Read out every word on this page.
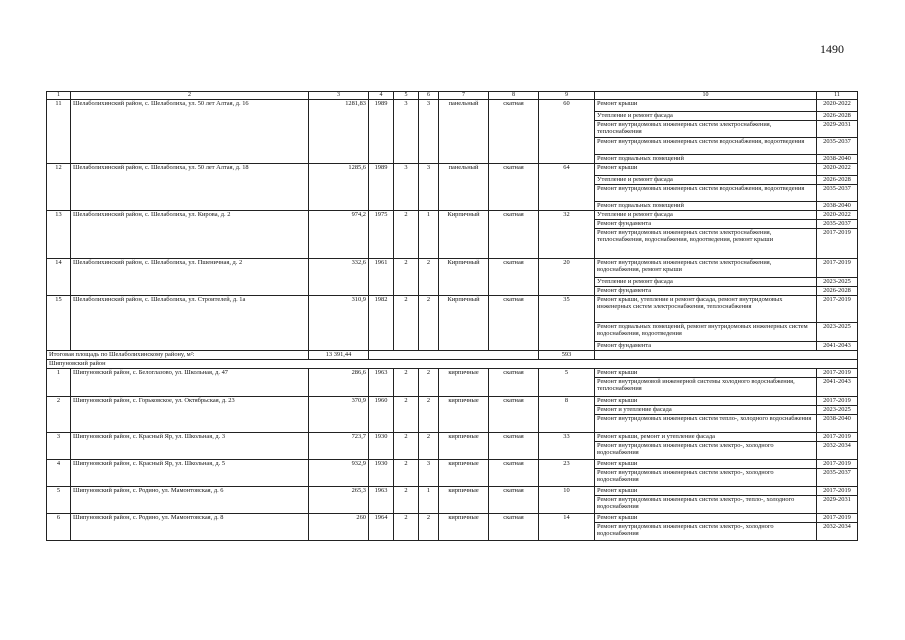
1490
1	2	3	4	5	6	7	8	9	10	11
11	Шелаболихинский район, с. Шелаболиха, ул. 50 лет Алтая, д. 16	1281,83	1989	3	3	панельный	скатная	60	Ремонт крыши	2020-2022
									Утепление и ремонт фасада	2026-2028
									Ремонт внутридомовых инженерных систем электроснабжения, теплоснабжения	2029-2031
									Ремонт внутридомовых инженерных систем водоснабжения, водоотведения	2035-2037
									Ремонт подвальных помещений	2038-2040
12	Шелаболихинский район, с. Шелаболиха, ул. 50 лет Алтая, д. 18	1285,6	1989	3	3	панельный	скатная	64	Ремонт крыши	2020-2022
									Утепление и ремонт фасада	2026-2028
									Ремонт внутридомовых инженерных систем водоснабжения, водоотведения	2035-2037
									Ремонт подвальных помещений	2038-2040
13	Шелаболихинский район, с. Шелаболиха, ул. Кирова, д. 2	974,2	1975	2	1	Кирпичный	скатная	32	Утепление и ремонт фасада	2020-2022
									Ремонт фундамента	2035-2037
									Ремонт внутридомовых инженерных систем электроснабжения, теплоснабжения, водоснабжения, водоотведения, ремонт крыши	2017-2019
14	Шелаболихинский район, с. Шелаболиха, ул. Пшеничная, д. 2	332,6	1961	2	2	Кирпичный	скатная	20	Ремонт внутридомовых инженерных систем электроснабжения, водоснабжения, ремонт крыши	2017-2019
									Утепление и ремонт фасада	2023-2025
									Ремонт фундамента	2026-2028
15	Шелаболихинский район, с. Шелаболиха, ул. Строителей, д. 1а	310,9	1982	2	2	Кирпичный	скатная	35	Ремонт крыши, утепление и ремонт фасада, ремонт внутридомовых инженерных систем электроснабжения, теплоснабжения	2017-2019
									Ремонт подвальных помещений, ремонт внутридомовых инженерных систем водоснабжения, водоотведения	2023-2025
									Ремонт фундамента	2041-2043
Итоговая площадь по Шелаболихинскому району, м²:		13 391,44						593		
Шипуновский район										
1	Шипуновский район, с. Белоглазово, ул. Школьная, д. 47	286,6	1963	2	2	кирпичные	скатная	5	Ремонт крыши	2017-2019
									Ремонт внутридомовой инженерной системы холодного водоснабжения, теплоснабжения	2041-2043
2	Шипуновский район, с. Горьковское, ул. Октябрьская, д. 23	370,9	1960	2	2	кирпичные	скатная	8	Ремонт крыши	2017-2019
									Ремонт и утепление фасада	2023-2025
									Ремонт внутридомовых инженерных систем тепло-, холодного водоснабжения	2038-2040
3	Шипуновский район, с. Красный Яр, ул. Школьная, д. 3	723,7	1930	2	2	кирпичные	скатная	33	Ремонт крыши, ремонт и утепление фасада	2017-2019
									Ремонт внутридомовых инженерных систем электро-, холодного водоснабжения	2032-2034
4	Шипуновский район, с. Красный Яр, ул. Школьная, д. 5	932,9	1930	2	3	кирпичные	скатная	23	Ремонт крыши	2017-2019
									Ремонт внутридомовых инженерных систем электро-, холодного водоснабжения	2035-2037
5	Шипуновский район, с. Родино, ул. Мамонтовская, д. 6	265,3	1963	2	1	кирпичные	скатная	10	Ремонт крыши	2017-2019
									Ремонт внутридомовых инженерных систем электро-, тепло-, холодного водоснабжения	2029-2031
6	Шипуновский район, с. Родино, ул. Мамонтовская, д. 8	260	1964	2	2	кирпичные	скатная	14	Ремонт крыши	2017-2019
									Ремонт внутридомовых инженерных систем электро-, холодного водоснабжения	2032-2034
